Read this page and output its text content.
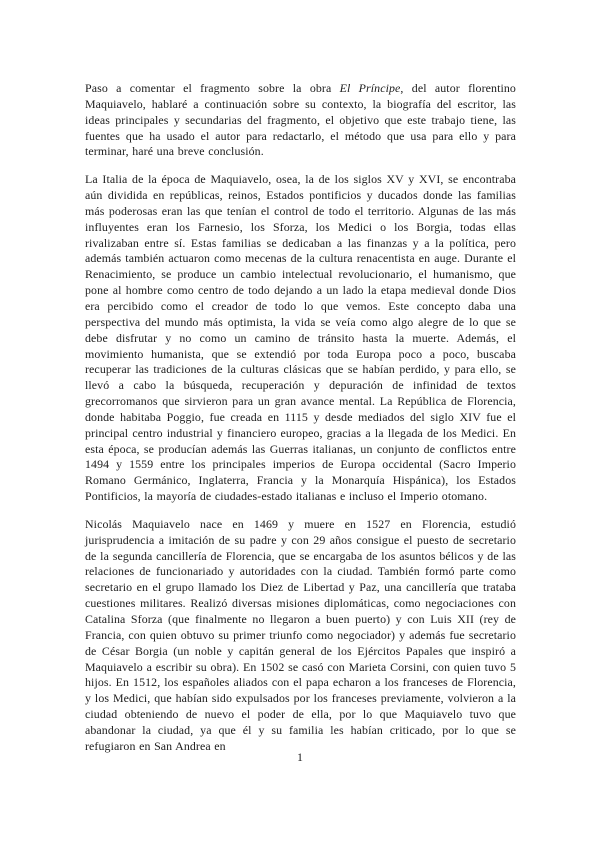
Paso a comentar el fragmento sobre la obra El Príncipe, del autor florentino Maquiavelo, hablaré a continuación sobre su contexto, la biografía del escritor, las ideas principales y secundarias del fragmento, el objetivo que este trabajo tiene, las fuentes que ha usado el autor para redactarlo, el método que usa para ello y para terminar, haré una breve conclusión.

La Italia de la época de Maquiavelo, osea, la de los siglos XV y XVI, se encontraba aún dividida en repúblicas, reinos, Estados pontificios y ducados donde las familias más poderosas eran las que tenían el control de todo el territorio. Algunas de las más influyentes eran los Farnesio, los Sforza, los Medici o los Borgia, todas ellas rivalizaban entre sí. Estas familias se dedicaban a las finanzas y a la política, pero además también actuaron como mecenas de la cultura renacentista en auge. Durante el Renacimiento, se produce un cambio intelectual revolucionario, el humanismo, que pone al hombre como centro de todo dejando a un lado la etapa medieval donde Dios era percibido como el creador de todo lo que vemos. Este concepto daba una perspectiva del mundo más optimista, la vida se veía como algo alegre de lo que se debe disfrutar y no como un camino de tránsito hasta la muerte. Además, el movimiento humanista, que se extendió por toda Europa poco a poco, buscaba recuperar las tradiciones de la culturas clásicas que se habían perdido, y para ello, se llevó a cabo la búsqueda, recuperación y depuración de infinidad de textos grecorromanos que sirvieron para un gran avance mental. La República de Florencia, donde habitaba Poggio, fue creada en 1115 y desde mediados del siglo XIV fue el principal centro industrial y financiero europeo, gracias a la llegada de los Medici. En esta época, se producían además las Guerras italianas, un conjunto de conflictos entre 1494 y 1559 entre los principales imperios de Europa occidental (Sacro Imperio Romano Germánico, Inglaterra, Francia y la Monarquía Hispánica), los Estados Pontificios, la mayoría de ciudades-estado italianas e incluso el Imperio otomano.

Nicolás Maquiavelo nace en 1469 y muere en 1527 en Florencia, estudió jurisprudencia a imitación de su padre y con 29 años consigue el puesto de secretario de la segunda cancillería de Florencia, que se encargaba de los asuntos bélicos y de las relaciones de funcionariado y autoridades con la ciudad. También formó parte como secretario en el grupo llamado los Diez de Libertad y Paz, una cancillería que trataba cuestiones militares. Realizó diversas misiones diplomáticas, como negociaciones con Catalina Sforza (que finalmente no llegaron a buen puerto) y con Luis XII (rey de Francia, con quien obtuvo su primer triunfo como negociador) y además fue secretario de César Borgia (un noble y capitán general de los Ejércitos Papales que inspiró a Maquiavelo a escribir su obra). En 1502 se casó con Marieta Corsini, con quien tuvo 5 hijos. En 1512, los españoles aliados con el papa echaron a los franceses de Florencia, y los Medici, que habían sido expulsados por los franceses previamente, volvieron a la ciudad obteniendo de nuevo el poder de ella, por lo que Maquiavelo tuvo que abandonar la ciudad, ya que él y su familia les habían criticado, por lo que se refugiaron en San Andrea en

1
